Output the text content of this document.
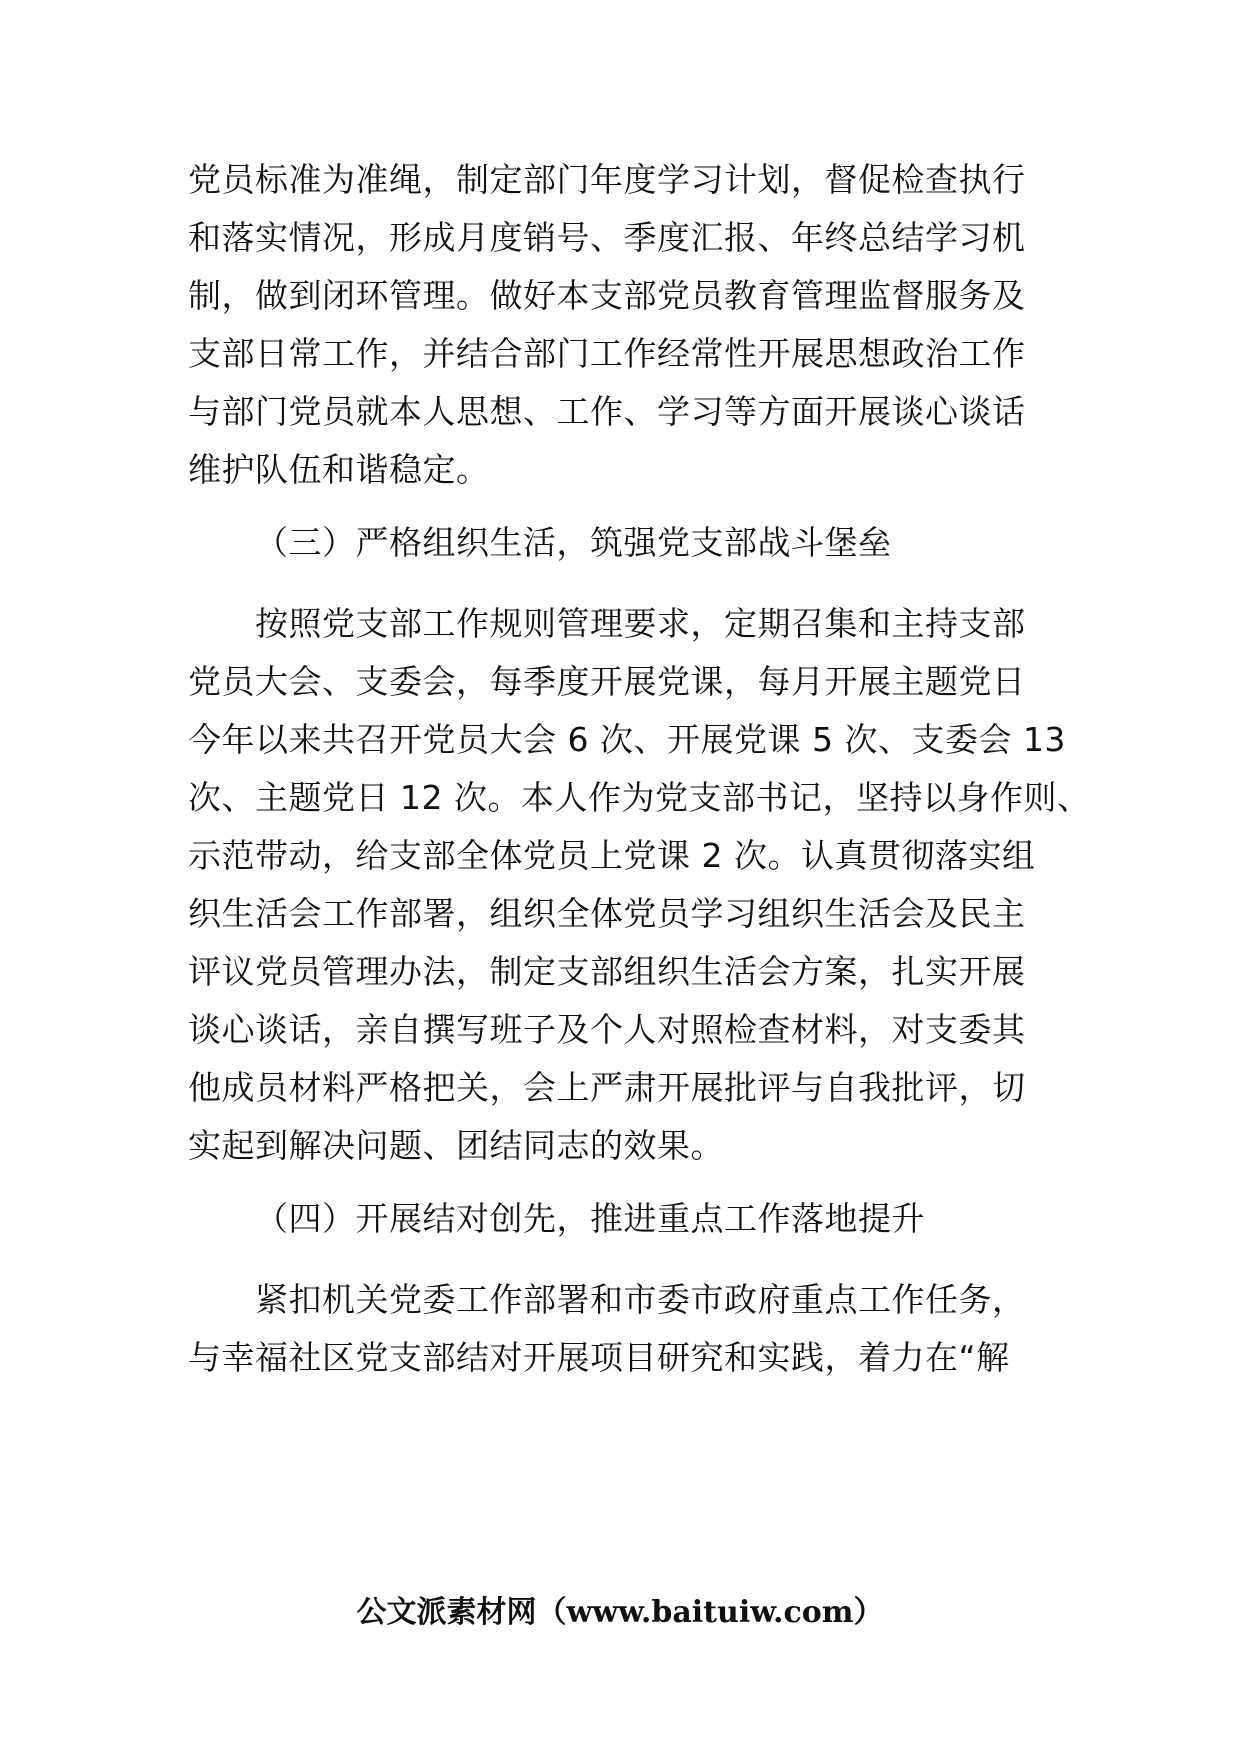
党员标准为准绳，制定部门年度学习计划，督促检查执行
和落实情况，形成月度销号、季度汇报、年终总结学习机
制，做到闭环管理。做好本支部党员教育管理监督服务及
支部日常工作，并结合部门工作经常性开展思想政治工作
与部门党员就本人思想、工作、学习等方面开展谈心谈话
维护队伍和谐稳定。
（三）严格组织生活，筑强党支部战斗堡垒
按照党支部工作规则管理要求，定期召集和主持支部
党员大会、支委会，每季度开展党课，每月开展主题党日
今年以来共召开党员大会 6 次、开展党课 5 次、支委会 13
次、主题党日 12 次。本人作为党支部书记，坚持以身作则、
示范带动，给支部全体党员上党课 2 次。认真贯彻落实组
织生活会工作部署，组织全体党员学习组织生活会及民主
评议党员管理办法，制定支部组织生活会方案，扎实开展
谈心谈话，亲自撰写班子及个人对照检查材料，对支委其
他成员材料严格把关，会上严肃开展批评与自我批评，切
实起到解决问题、团结同志的效果。
（四）开展结对创先，推进重点工作落地提升
紧扣机关党委工作部署和市委市政府重点工作任务，
与幸福社区党支部结对开展项目研究和实践，着力在“解
公文派素材网（www.baituiw.com）
